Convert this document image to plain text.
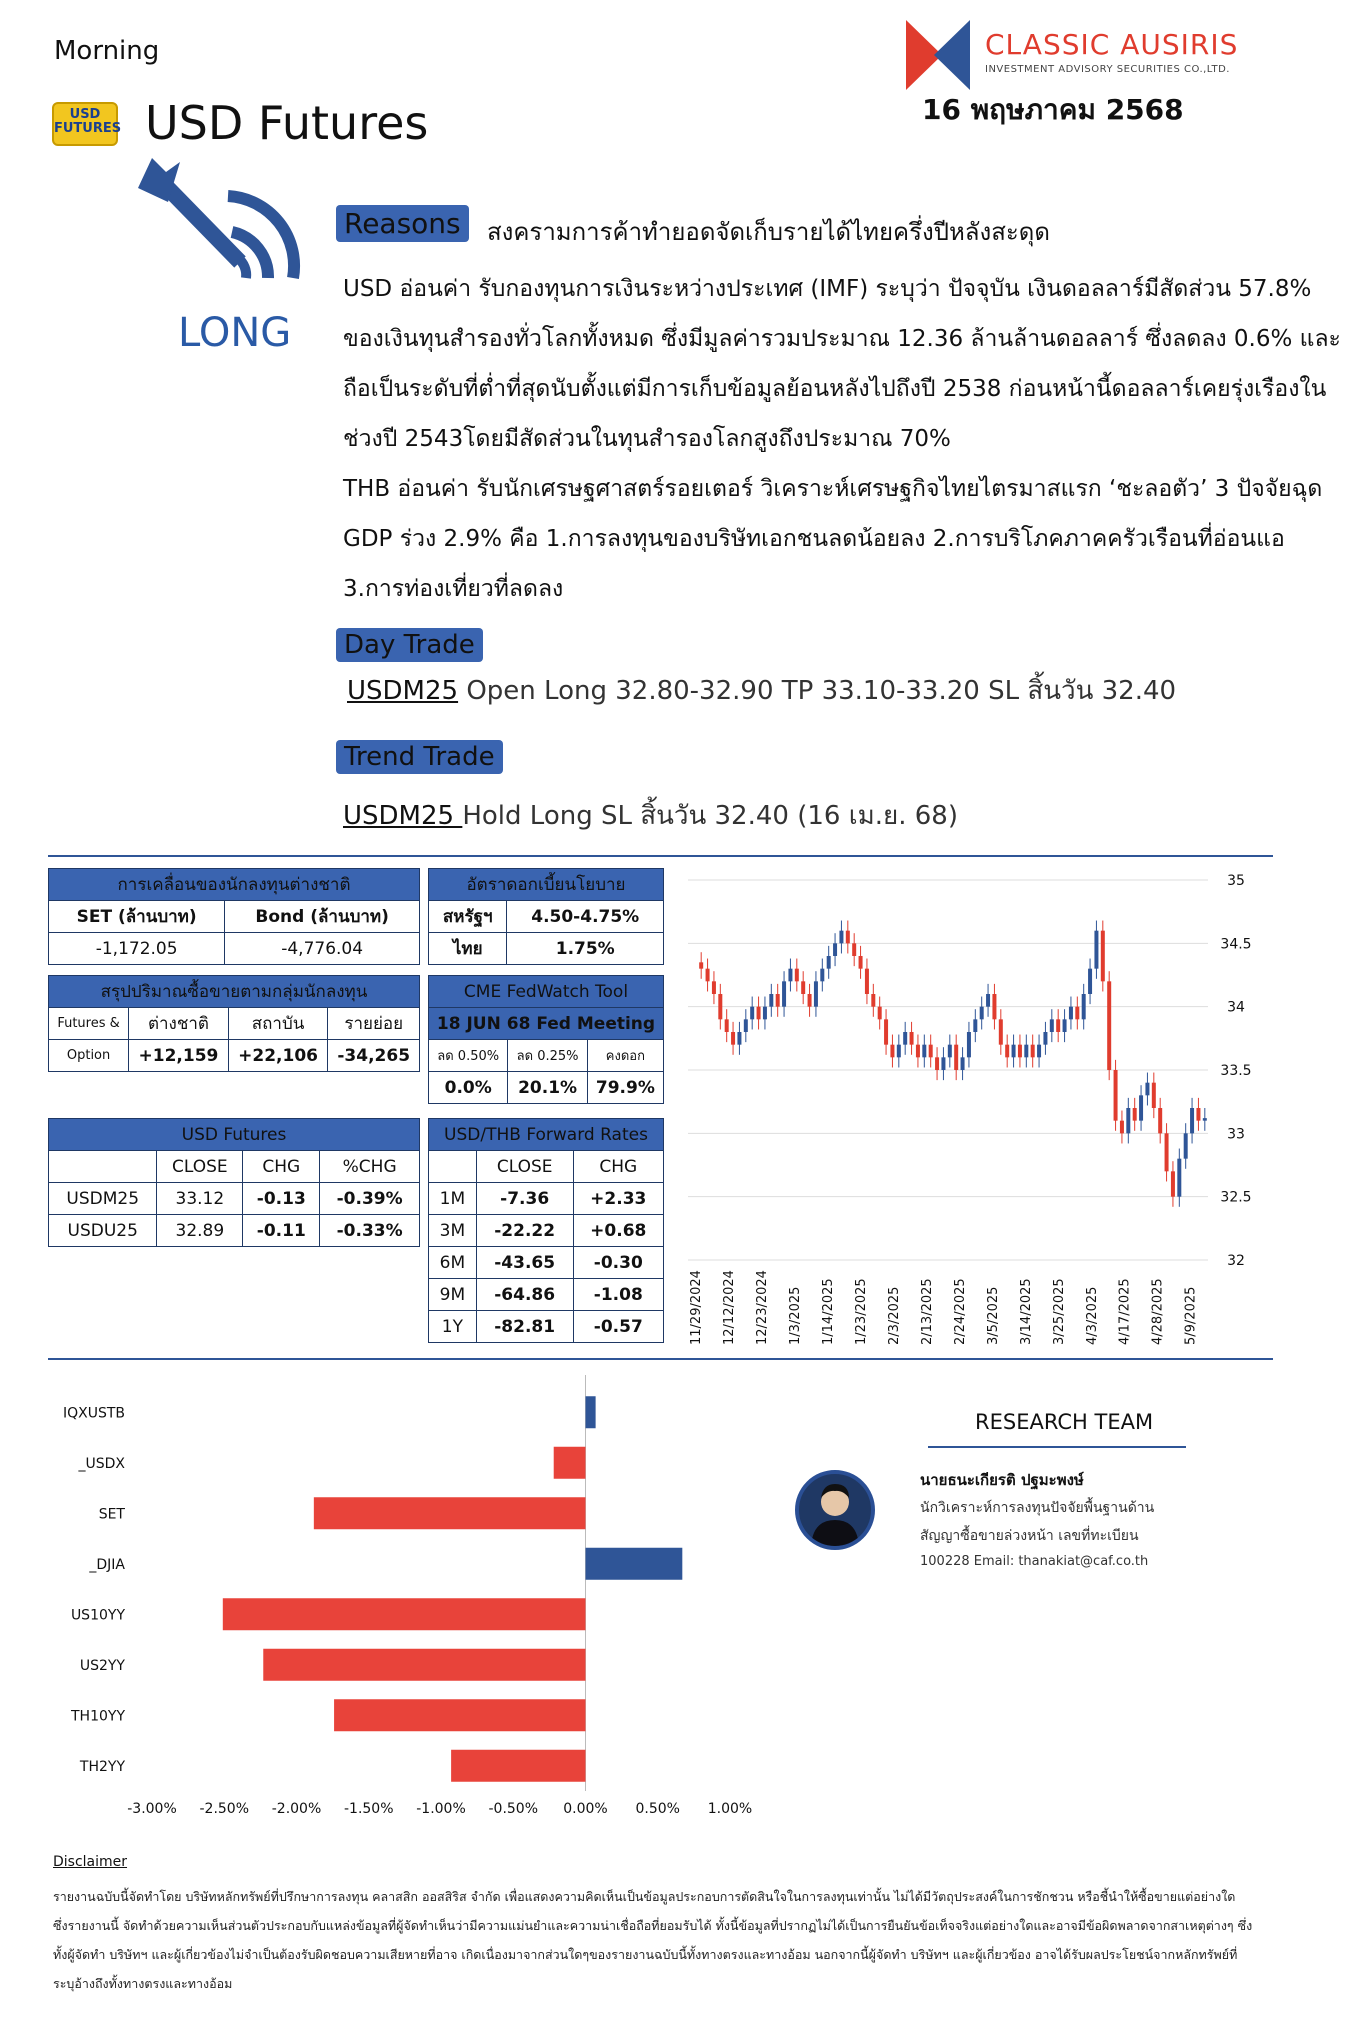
Morning
USD
FUTURES USD Futures
CLASSIC AUSIRIS
INVESTMENT ADVISORY SECURITIES CO.,LTD.
16 พฤษภาคม 2568
LONG
Reasons	สงครามการค้าทำยอดจัดเก็บรายได้ไทยครึ่งปีหลังสะดุด

USD อ่อนค่า รับกองทุนการเงินระหว่างประเทศ (IMF) ระบุว่า ปัจจุบัน เงินดอลลาร์มีสัดส่วน 57.8% ของเงินทุนสำรองทั่วโลกทั้งหมด ซึ่งมีมูลค่ารวมประมาณ 12.36 ล้านล้านดอลลาร์ ซึ่งลดลง 0.6% และถือเป็นระดับที่ต่ำที่สุดนับตั้งแต่มีการเก็บข้อมูลย้อนหลังไปถึงปี 2538 ก่อนหน้านี้ดอลลาร์เคยรุ่งเรืองในช่วงปี 2543โดยมีสัดส่วนในทุนสำรองโลกสูงถึงประมาณ 70%

THB อ่อนค่า รับนักเศรษฐศาสตร์รอยเตอร์ วิเคราะห์เศรษฐกิจไทยไตรมาสแรก ‘ชะลอตัว’ 3 ปัจจัยฉุด GDP ร่วง 2.9% คือ 1.การลงทุนของบริษัทเอกชนลดน้อยลง 2.การบริโภคภาคครัวเรือนที่อ่อนแอ 3.การท่องเที่ยวที่ลดลง

Day Trade
USDM25 Open Long 32.80-32.90 TP 33.10-33.20 SL สิ้นวัน 32.40
Trend Trade
USDM25 Hold Long SL สิ้นวัน 32.40 (16 เม.ย. 68)
การเคลื่อนของนักลงทุนต่างชาติ	
SET (ล้านบาท)	Bond (ล้านบาท)
-1,172.05	-4,776.04
อัตราดอกเบี้ยนโยบาย	
สหรัฐฯ	4.50-4.75%
ไทย	1.75%
สรุปปริมาณซื้อขายตามกลุ่มนักลงทุน			
Futures &	ต่างชาติ	สถาบัน	รายย่อย
Option	+12,159	+22,106	-34,265
CME FedWatch Tool		
18 JUN 68 Fed Meeting		
ลด 0.50%	ลด 0.25%	คงดอก
0.0%	20.1%	79.9%
USD Futures			
	CLOSE	CHG	%CHG
USDM25	33.12	-0.13	-0.39%
USDU25	32.89	-0.11	-0.33%
USD/THB Forward Rates		
	CLOSE	CHG
1M	-7.36	+2.33
3M	-22.22	+0.68
6M	-43.65	-0.30
9M	-64.86	-1.08
1Y	-82.81	-0.57
35
34.5
34
33.5
33
32.5
32
11/29/2024 12/12/2024 12/23/2024 1/3/2025 1/14/2025 1/23/2025 2/3/2025 2/13/2025 2/24/2025 3/5/2025 3/14/2025 3/25/2025 4/3/2025 4/17/2025 4/28/2025 5/9/2025
IQXUSTB
_USDX
SET
_DJIA
US10YY
US2YY
TH10YY
TH2YY
-3.00% -2.50% -2.00% -1.50% -1.00% -0.50% 0.00% 0.50% 1.00%
RESEARCH TEAM
นายธนะเกียรติ ปฐมะพงษ์
นักวิเคราะห์การลงทุนปัจจัยพื้นฐานด้าน
สัญญาซื้อขายล่วงหน้า เลขที่ทะเบียน
100228 Email: thanakiat@caf.co.th
Disclaimer
รายงานฉบับนี้จัดทำโดย บริษัทหลักทรัพย์ที่ปรึกษาการลงทุน คลาสสิก ออสสิริส จำกัด เพื่อแสดงความคิดเห็นเป็นข้อมูลประกอบการตัดสินใจในการลงทุนเท่านั้น ไม่ได้มีวัตถุประสงค์ในการชักชวน หรือชี้นำให้ซื้อขายแต่อย่างใด ซึ่งรายงานนี้ จัดทำด้วยความเห็นส่วนตัวประกอบกับแหล่งข้อมูลที่ผู้จัดทำเห็นว่ามีความแม่นยำและความน่าเชื่อถือที่ยอมรับได้ ทั้งนี้ข้อมูลที่ปรากฏไม่ได้เป็นการยืนยันข้อเท็จจริงแต่อย่างใดและอาจมีข้อผิดพลาดจากสาเหตุต่างๆ ซึ่งทั้งผู้จัดทำ บริษัทฯ และผู้เกี่ยวข้องไม่จำเป็นต้องรับผิดชอบความเสียหายที่อาจ เกิดเนื่องมาจากส่วนใดๆของรายงานฉบับนี้ทั้งทางตรงและทางอ้อม นอกจากนี้ผู้จัดทำ บริษัทฯ และผู้เกี่ยวข้อง อาจได้รับผลประโยชน์จากหลักทรัพย์ที่ระบุอ้างถึงทั้งทางตรงและทางอ้อม
